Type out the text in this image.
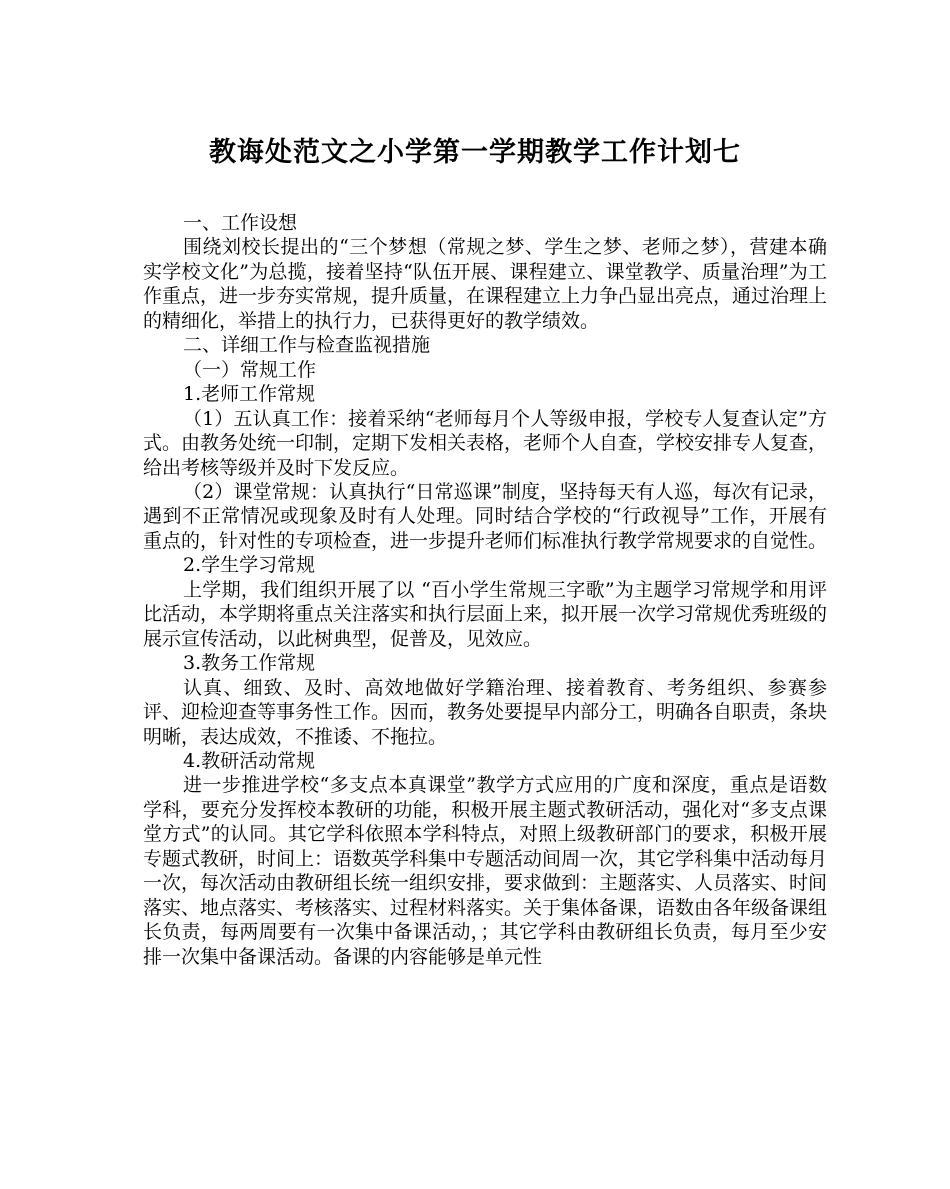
教诲处范文之小学第一学期教学工作计划七

一、工作设想

围绕刘校长提出的“三个梦想（常规之梦、学生之梦、老师之梦），营建本确实学校文化”为总揽，接着坚持“队伍开展、课程建立、课堂教学、质量治理”为工作重点，进一步夯实常规，提升质量，在课程建立上力争凸显出亮点，通过治理上的精细化，举措上的执行力，已获得更好的教学绩效。

二、详细工作与检查监视措施

（一）常规工作

1.老师工作常规

（1）五认真工作：接着采纳“老师每月个人等级申报，学校专人复查认定”方式。由教务处统一印制，定期下发相关表格，老师个人自查，学校安排专人复查，给出考核等级并及时下发反应。

（2）课堂常规：认真执行“日常巡课”制度，坚持每天有人巡，每次有记录，遇到不正常情况或现象及时有人处理。同时结合学校的“行政视导”工作，开展有重点的，针对性的专项检查，进一步提升老师们标准执行教学常规要求的自觉性。

2.学生学习常规

上学期，我们组织开展了以 “百小学生常规三字歌”为主题学习常规学和用评比活动，本学期将重点关注落实和执行层面上来，拟开展一次学习常规优秀班级的展示宣传活动，以此树典型，促普及，见效应。

3.教务工作常规

认真、细致、及时、高效地做好学籍治理、接着教育、考务组织、参赛参评、迎检迎查等事务性工作。因而，教务处要提早内部分工，明确各自职责，条块明晰，表达成效，不推诿、不拖拉。

4.教研活动常规

进一步推进学校“多支点本真课堂”教学方式应用的广度和深度，重点是语数学科，要充分发挥校本教研的功能，积极开展主题式教研活动，强化对“多支点课堂方式”的认同。其它学科依照本学科特点，对照上级教研部门的要求，积极开展专题式教研，时间上：语数英学科集中专题活动间周一次，其它学科集中活动每月一次，每次活动由教研组长统一组织安排，要求做到：主题落实、人员落实、时间落实、地点落实、考核落实、过程材料落实。关于集体备课，语数由各年级备课组长负责，每两周要有一次集中备课活动，；其它学科由教研组长负责，每月至少安排一次集中备课活动。备课的内容能够是单元性
